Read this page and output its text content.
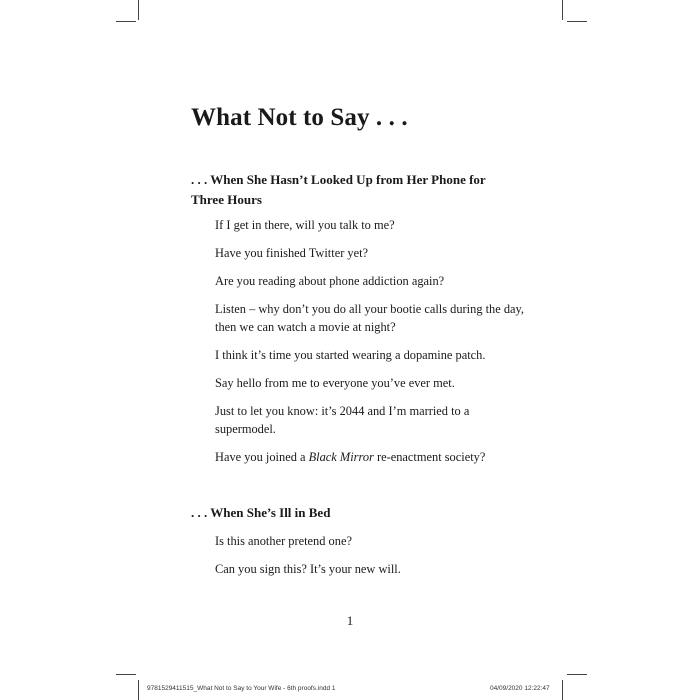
What Not to Say . . .
. . . When She Hasn’t Looked Up from Her Phone for Three Hours
If I get in there, will you talk to me?
Have you finished Twitter yet?
Are you reading about phone addiction again?
Listen – why don’t you do all your bootie calls during the day,
then we can watch a movie at night?
I think it’s time you started wearing a dopamine patch.
Say hello from me to everyone you’ve ever met.
Just to let you know: it’s 2044 and I’m married to a
supermodel.
Have you joined a Black Mirror re-enactment society?
. . . When She’s Ill in Bed
Is this another pretend one?
Can you sign this? It’s your new will.
1
9781529411515_What Not to Say to Your Wife - 6th proofs.indd 1	04/09/2020 12:22:47
